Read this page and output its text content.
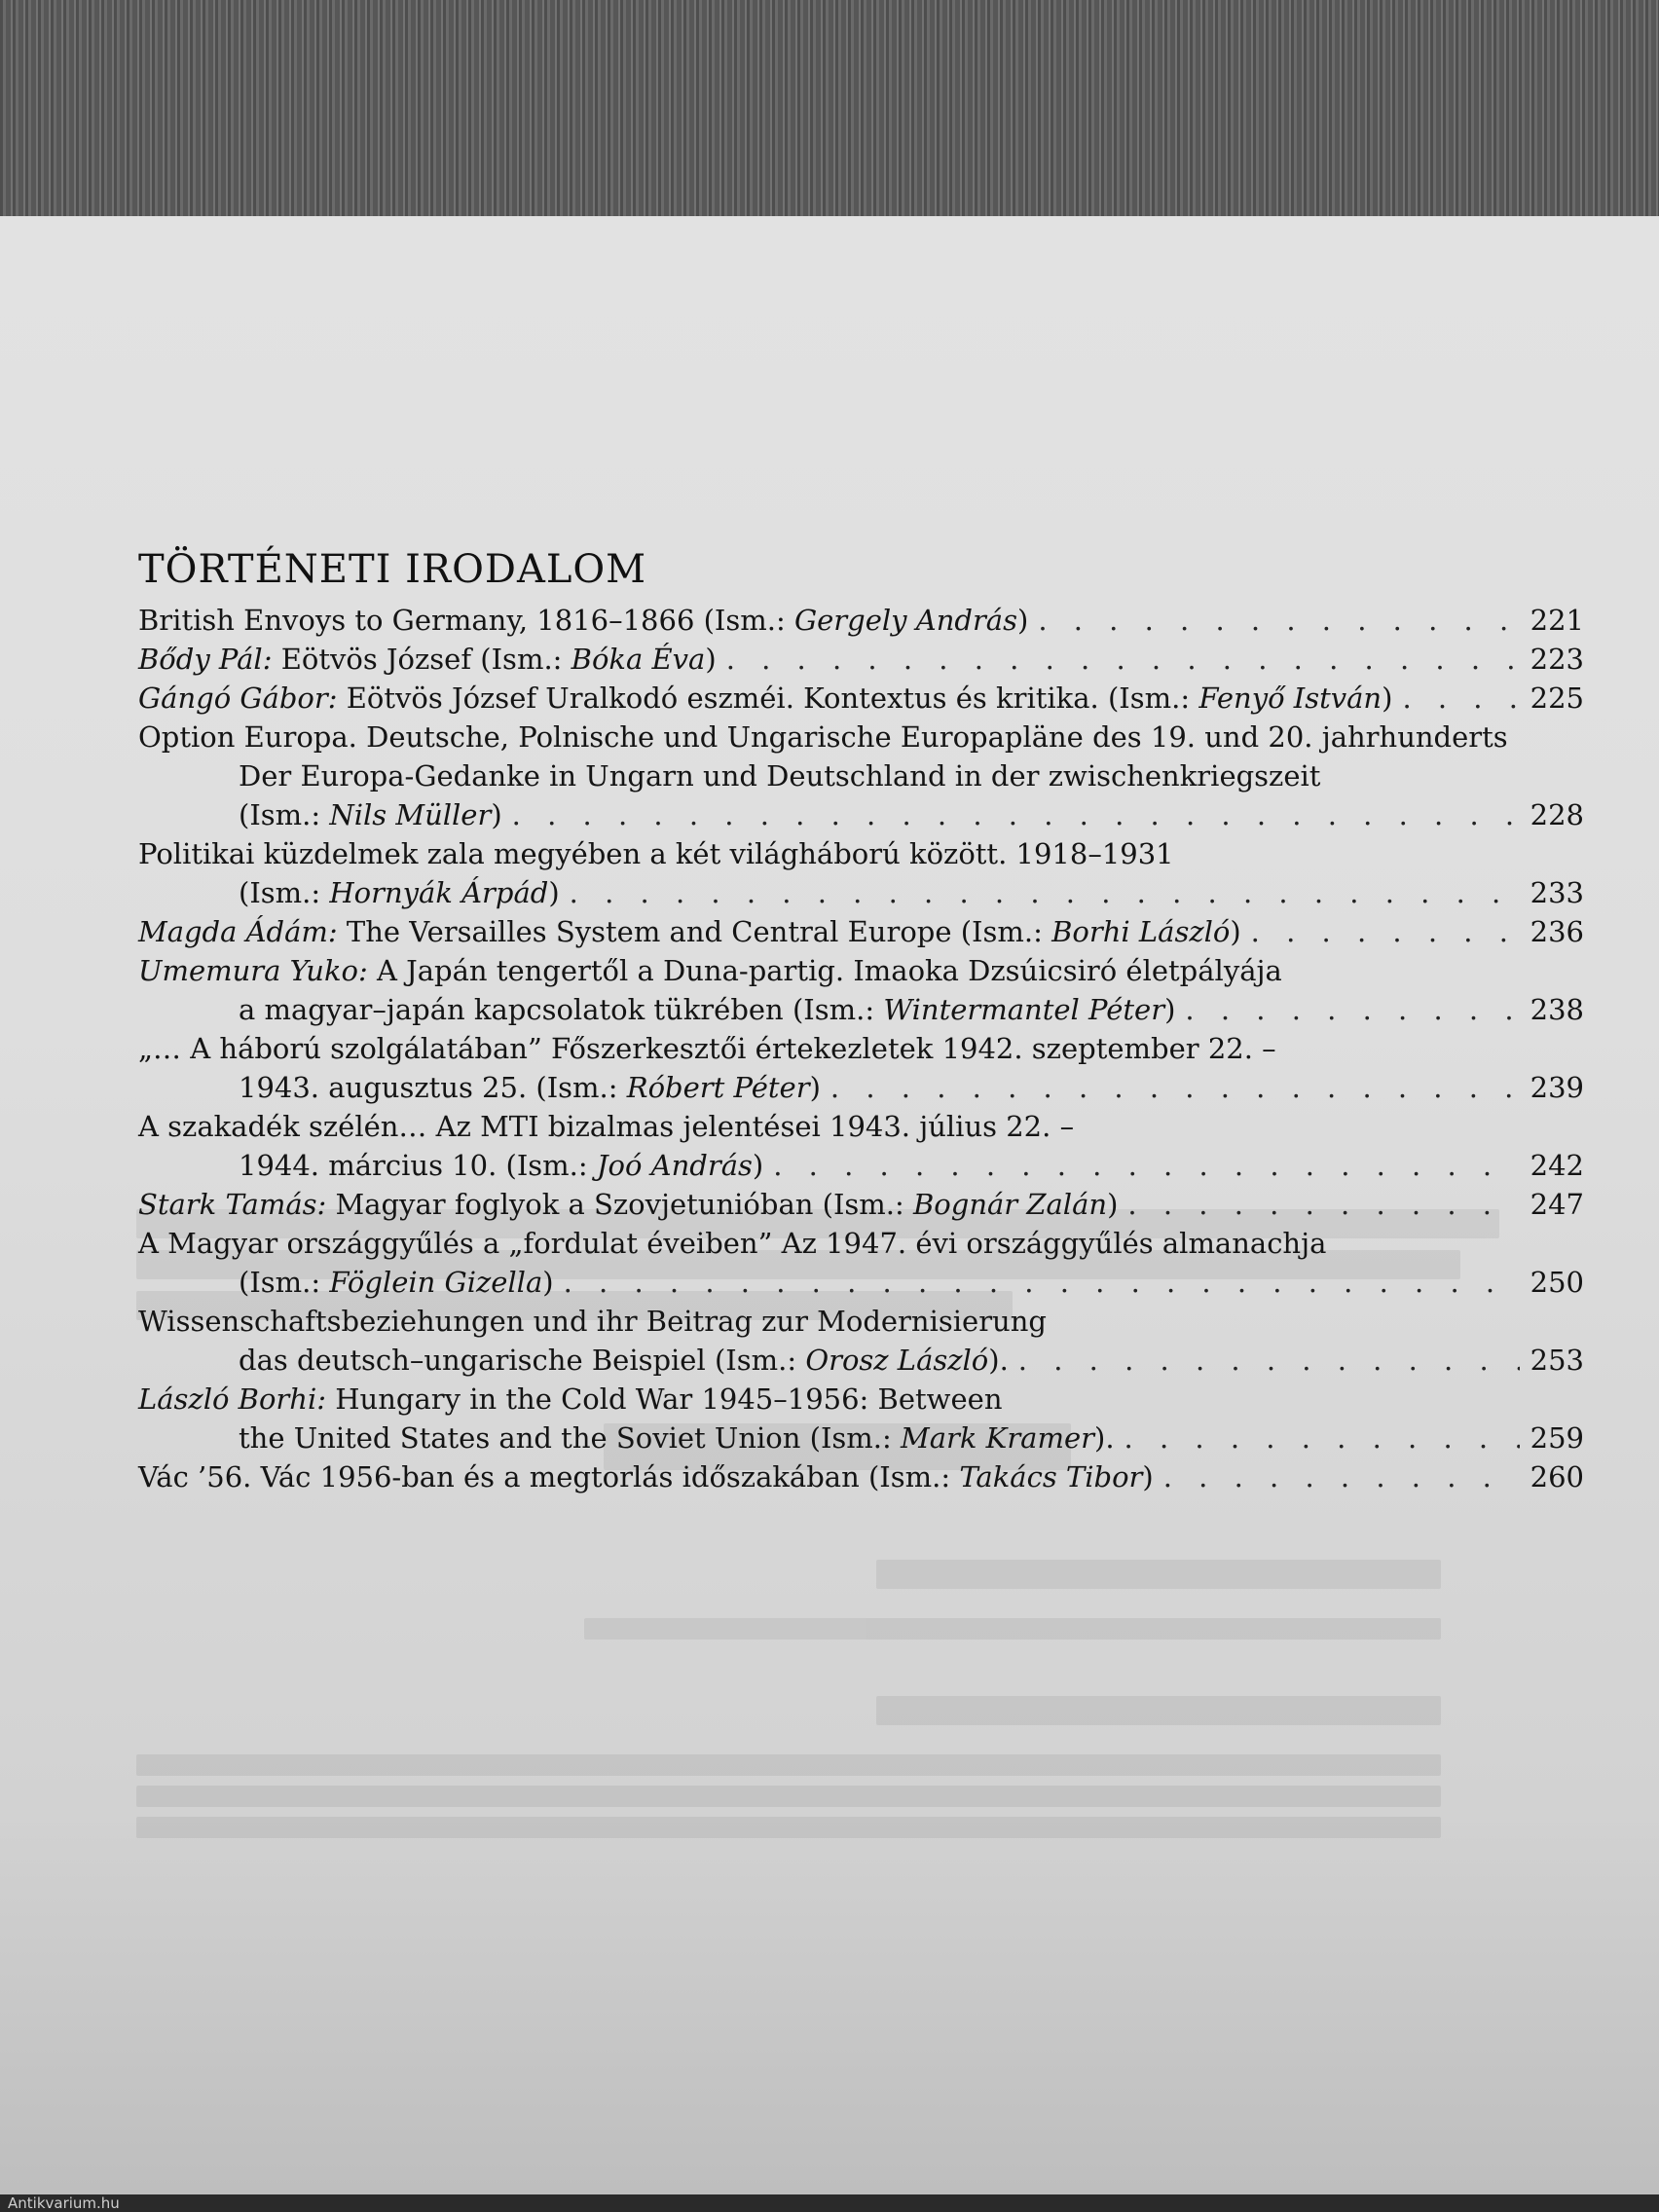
TÖRTÉNETI IRODALOM
British Envoys to Germany, 1816–1866 (Ism.: Gergely András) . . .	221
Bődy Pál: Eötvös József (Ism.: Bóka Éva) . . .	223
Gángó Gábor: Eötvös József Uralkodó eszméi. Kontextus és kritika. (Ism.: Fenyő István) . . .	225
Option Europa. Deutsche, Polnische und Ungarische Europapläne des 19. und 20. jahrhunderts
Der Europa-Gedanke in Ungarn und Deutschland in der zwischenkriegszeit
(Ism.: Nils Müller) . . .	228
Politikai küzdelmek zala megyében a két világháború között. 1918–1931
(Ism.: Hornyák Árpád) . . .	233
Magda Ádám: The Versailles System and Central Europe (Ism.: Borhi László) . . .	236
Umemura Yuko: A Japán tengertől a Duna-partig. Imaoka Dzsúicsiró életpályája
a magyar–japán kapcsolatok tükrében (Ism.: Wintermantel Péter) . . .	238
„… A háború szolgálatában” Főszerkesztői értekezletek 1942. szeptember 22. –
1943. augusztus 25. (Ism.: Róbert Péter) . . .	239
A szakadék szélén… Az MTI bizalmas jelentései 1943. július 22. –
1944. március 10. (Ism.: Joó András) . . .	242
Stark Tamás: Magyar foglyok a Szovjetunióban (Ism.: Bognár Zalán) . . .	247
A Magyar országgyűlés a „fordulat éveiben” Az 1947. évi országgyűlés almanachja
(Ism.: Föglein Gizella) . . .	250
Wissenschaftsbeziehungen und ihr Beitrag zur Modernisierung
das deutsch–ungarische Beispiel (Ism.: Orosz László). . . .	253
László Borhi: Hungary in the Cold War 1945–1956: Between
the United States and the Soviet Union (Ism.: Mark Kramer). . . .	259
Vác ’56. Vác 1956-ban és a megtorlás időszakában (Ism.: Takács Tibor) . . .	260
Antikvarium.hu
